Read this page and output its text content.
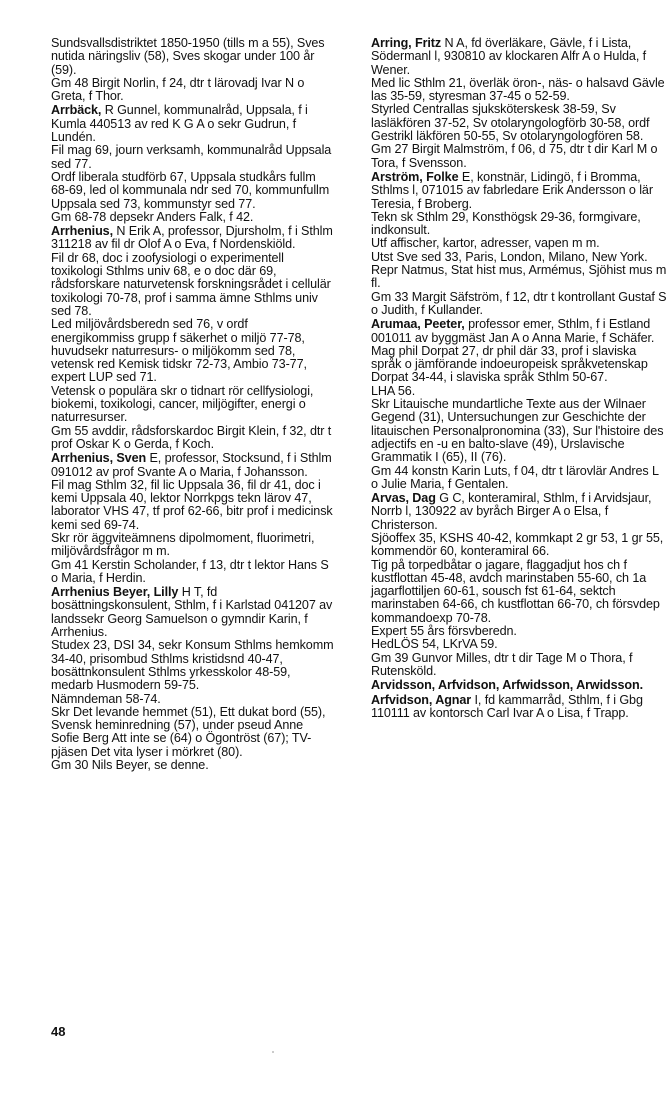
Sundsvallsdistriktet 1850-1950 (tills m a 55), Sves nutida näringsliv (58), Sves skogar under 100 år (59).

Gm 48 Birgit Norlin, f 24, dtr t lärovadj Ivar N o Greta, f Thor.

Arrbäck, R Gunnel, kommunalråd, Uppsala, f i Kumla 440513 av red K G A o sekr Gudrun, f Lundén.

Fil mag 69, journ verksamh, kommunalråd Uppsala sed 77.

Ordf liberala studförb 67, Uppsala studkårs fullm 68-69, led ol kommunala ndr sed 70, kommunfullm Uppsala sed 73, kommunstyr sed 77.

Gm 68-78 depsekr Anders Falk, f 42.

Arrhenius, N Erik A, professor, Djursholm, f i Sthlm 311218 av fil dr Olof A o Eva, f Nordenskiöld.

Fil dr 68, doc i zoofysiologi o experimentell toxikologi Sthlms univ 68, e o doc där 69, rådsforskare naturvetensk forskningsrådet i cellulär toxikologi 70-78, prof i samma ämne Sthlms univ sed 78.

Led miljövårdsberedn sed 76, v ordf energikommiss grupp f säkerhet o miljö 77-78, huvudsekr naturresurs- o miljökomm sed 78, vetensk red Kemisk tidskr 72-73, Ambio 73-77, expert LUP sed 71.

Vetensk o populära skr o tidnart rör cellfysiologi, biokemi, toxikologi, cancer, miljögifter, energi o naturresurser.

Gm 55 avddir, rådsforskardoc Birgit Klein, f 32, dtr t prof Oskar K o Gerda, f Koch.

Arrhenius, Sven E, professor, Stocksund, f i Sthlm 091012 av prof Svante A o Maria, f Johansson.

Fil mag Sthlm 32, fil lic Uppsala 36, fil dr 41, doc i kemi Uppsala 40, lektor Norrkpgs tekn lärov 47, laborator VHS 47, tf prof 62-66, bitr prof i medicinsk kemi sed 69-74.

Skr rör äggviteämnens dipolmoment, fluorimetri, miljövårdsfrågor m m.

Gm 41 Kerstin Scholander, f 13, dtr t lektor Hans S o Maria, f Herdin.

Arrhenius Beyer, Lilly H T, fd bosättningskonsulent, Sthlm, f i Karlstad 041207 av landssekr Georg Samuelson o gymndir Karin, f Arrhenius.

Studex 23, DSI 34, sekr Konsum Sthlms hemkomm 34-40, prisombud Sthlms kristidsnd 40-47, bosättnkonsulent Sthlms yrkesskolor 48-59, medarb Husmodern 59-75.

Nämndeman 58-74.

Skr Det levande hemmet (51), Ett dukat bord (55), Svensk heminredning (57), under pseud Anne Sofie Berg Att inte se (64) o Ögontröst (67); TV-pjäsen Det vita lyser i mörkret (80).

Gm 30 Nils Beyer, se denne.

Arring, Fritz N A, fd överläkare, Gävle, f i Lista, Södermanl l, 930810 av klockaren Alfr A o Hulda, f Wener.

Med lic Sthlm 21, överläk öron-, näs- o halsavd Gävle las 35-59, styresman 37-45 o 52-59.

Styrled Centrallas sjuksköterskesk 38-59, Sv lasläkfören 37-52, Sv otolaryngologförb 30-58, ordf Gestrikl läkfören 50-55, Sv otolaryngologfören 58.

Gm 27 Birgit Malmström, f 06, d 75, dtr t dir Karl M o Tora, f Svensson.

Arström, Folke E, konstnär, Lidingö, f i Bromma, Sthlms l, 071015 av fabrledare Erik Andersson o lär Teresia, f Broberg.

Tekn sk Sthlm 29, Konsthögsk 29-36, formgivare, indkonsult.

Utf affischer, kartor, adresser, vapen m m.

Utst Sve sed 33, Paris, London, Milano, New York.

Repr Natmus, Stat hist mus, Armémus, Sjöhist mus m fl.

Gm 33 Margit Säfström, f 12, dtr t kontrollant Gustaf S o Judith, f Kullander.

Arumaa, Peeter, professor emer, Sthlm, f i Estland 001011 av byggmäst Jan A o Anna Marie, f Schäfer.

Mag phil Dorpat 27, dr phil där 33, prof i slaviska språk o jämförande indoeuropeisk språkvetenskap Dorpat 34-44, i slaviska språk Sthlm 50-67.

LHA 56.

Skr Litauische mundartliche Texte aus der Wilnaer Gegend (31), Untersuchungen zur Geschichte der litauischen Personalpronomina (33), Sur l'histoire des adjectifs en -u en balto-slave (49), Urslavische Grammatik I (65), II (76).

Gm 44 konstn Karin Luts, f 04, dtr t lärovlär Andres L o Julie Maria, f Gentalen.

Arvas, Dag G C, konteramiral, Sthlm, f i Arvidsjaur, Norrb l, 130922 av byråch Birger A o Elsa, f Christerson.

Sjöoffex 35, KSHS 40-42, kommkapt 2 gr 53, 1 gr 55, kommendör 60, konteramiral 66.

Tig på torpedbåtar o jagare, flaggadjut hos ch f kustflottan 45-48, avdch marinstaben 55-60, ch 1a jagarflottiljen 60-61, sousch fst 61-64, sektch marinstaben 64-66, ch kustflottan 66-70, ch försvdep kommandoexp 70-78.

Expert 55 års försvberedn.

HedLÖS 54, LKrVA 59.

Gm 39 Gunvor Milles, dtr t dir Tage M o Thora, f Rutensköld.

Arvidsson, Arfvidson, Arfwidsson, Arwidsson.

Arfvidson, Agnar I, fd kammarråd, Sthlm, f i Gbg 110111 av kontorsch Carl Ivar A o Lisa, f Trapp.

48
